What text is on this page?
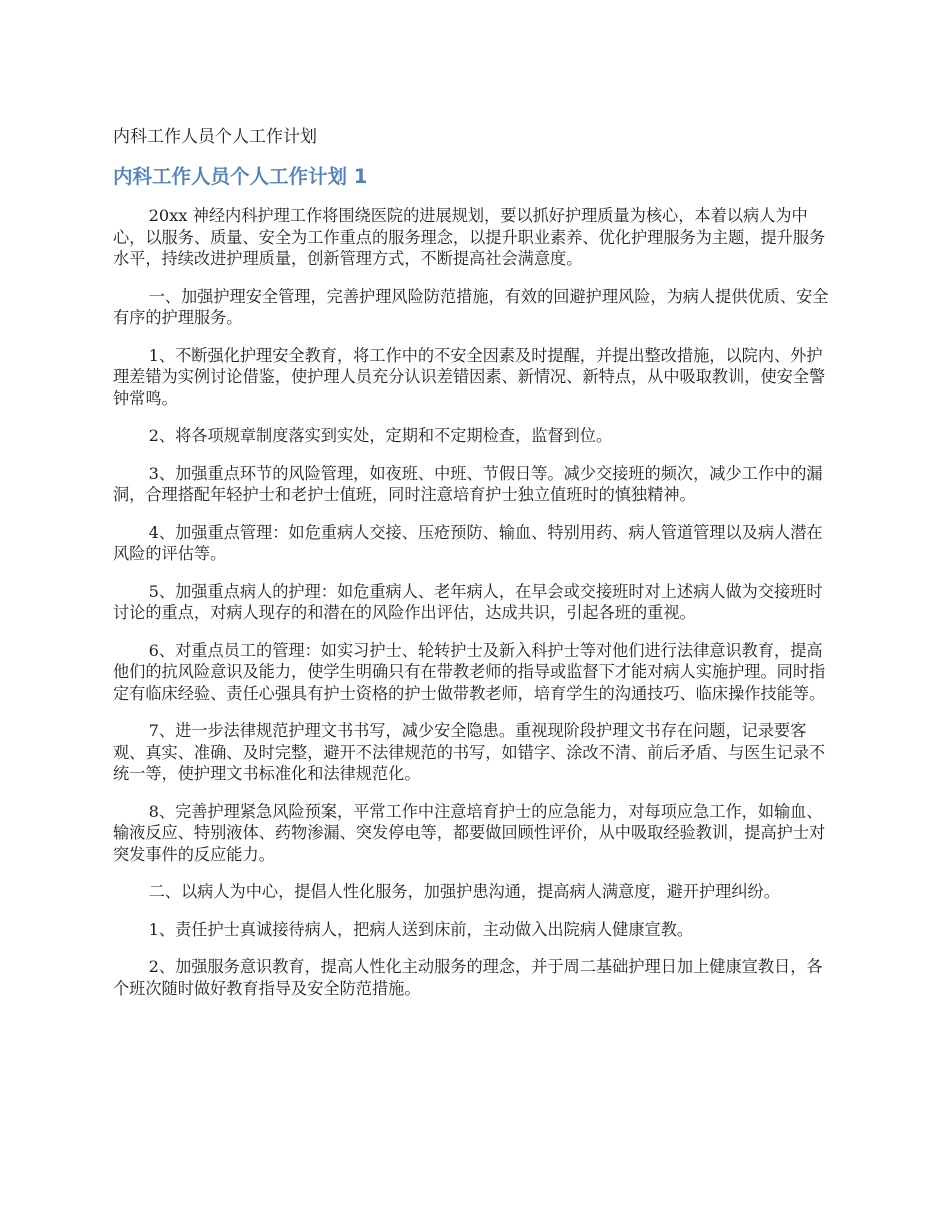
内科工作人员个人工作计划
内科工作人员个人工作计划 1

20xx 神经内科护理工作将围绕医院的进展规划，要以抓好护理质量为核心，本着以病人为中心，以服务、质量、安全为工作重点的服务理念，以提升职业素养、优化护理服务为主题，提升服务水平，持续改进护理质量，创新管理方式，不断提高社会满意度。

一、加强护理安全管理，完善护理风险防范措施，有效的回避护理风险，为病人提供优质、安全有序的护理服务。

1、不断强化护理安全教育，将工作中的不安全因素及时提醒，并提出整改措施，以院内、外护理差错为实例讨论借鉴，使护理人员充分认识差错因素、新情况、新特点，从中吸取教训，使安全警钟常鸣。

2、将各项规章制度落实到实处，定期和不定期检查，监督到位。

3、加强重点环节的风险管理，如夜班、中班、节假日等。减少交接班的频次，减少工作中的漏洞，合理搭配年轻护士和老护士值班，同时注意培育护士独立值班时的慎独精神。

4、加强重点管理：如危重病人交接、压疮预防、输血、特别用药、病人管道管理以及病人潜在风险的评估等。

5、加强重点病人的护理：如危重病人、老年病人，在早会或交接班时对上述病人做为交接班时讨论的重点，对病人现存的和潜在的风险作出评估，达成共识，引起各班的重视。

6、对重点员工的管理：如实习护士、轮转护士及新入科护士等对他们进行法律意识教育，提高他们的抗风险意识及能力，使学生明确只有在带教老师的指导或监督下才能对病人实施护理。同时指定有临床经验、责任心强具有护士资格的护士做带教老师，培育学生的沟通技巧、临床操作技能等。

7、进一步法律规范护理文书书写，减少安全隐患。重视现阶段护理文书存在问题，记录要客观、真实、准确、及时完整，避开不法律规范的书写，如错字、涂改不清、前后矛盾、与医生记录不统一等，使护理文书标准化和法律规范化。

8、完善护理紧急风险预案，平常工作中注意培育护士的应急能力，对每项应急工作，如输血、输液反应、特别液体、药物渗漏、突发停电等，都要做回顾性评价，从中吸取经验教训，提高护士对突发事件的反应能力。

二、以病人为中心，提倡人性化服务，加强护患沟通，提高病人满意度，避开护理纠纷。

1、责任护士真诚接待病人，把病人送到床前，主动做入出院病人健康宣教。

2、加强服务意识教育，提高人性化主动服务的理念，并于周二基础护理日加上健康宣教日，各个班次随时做好教育指导及安全防范措施。
